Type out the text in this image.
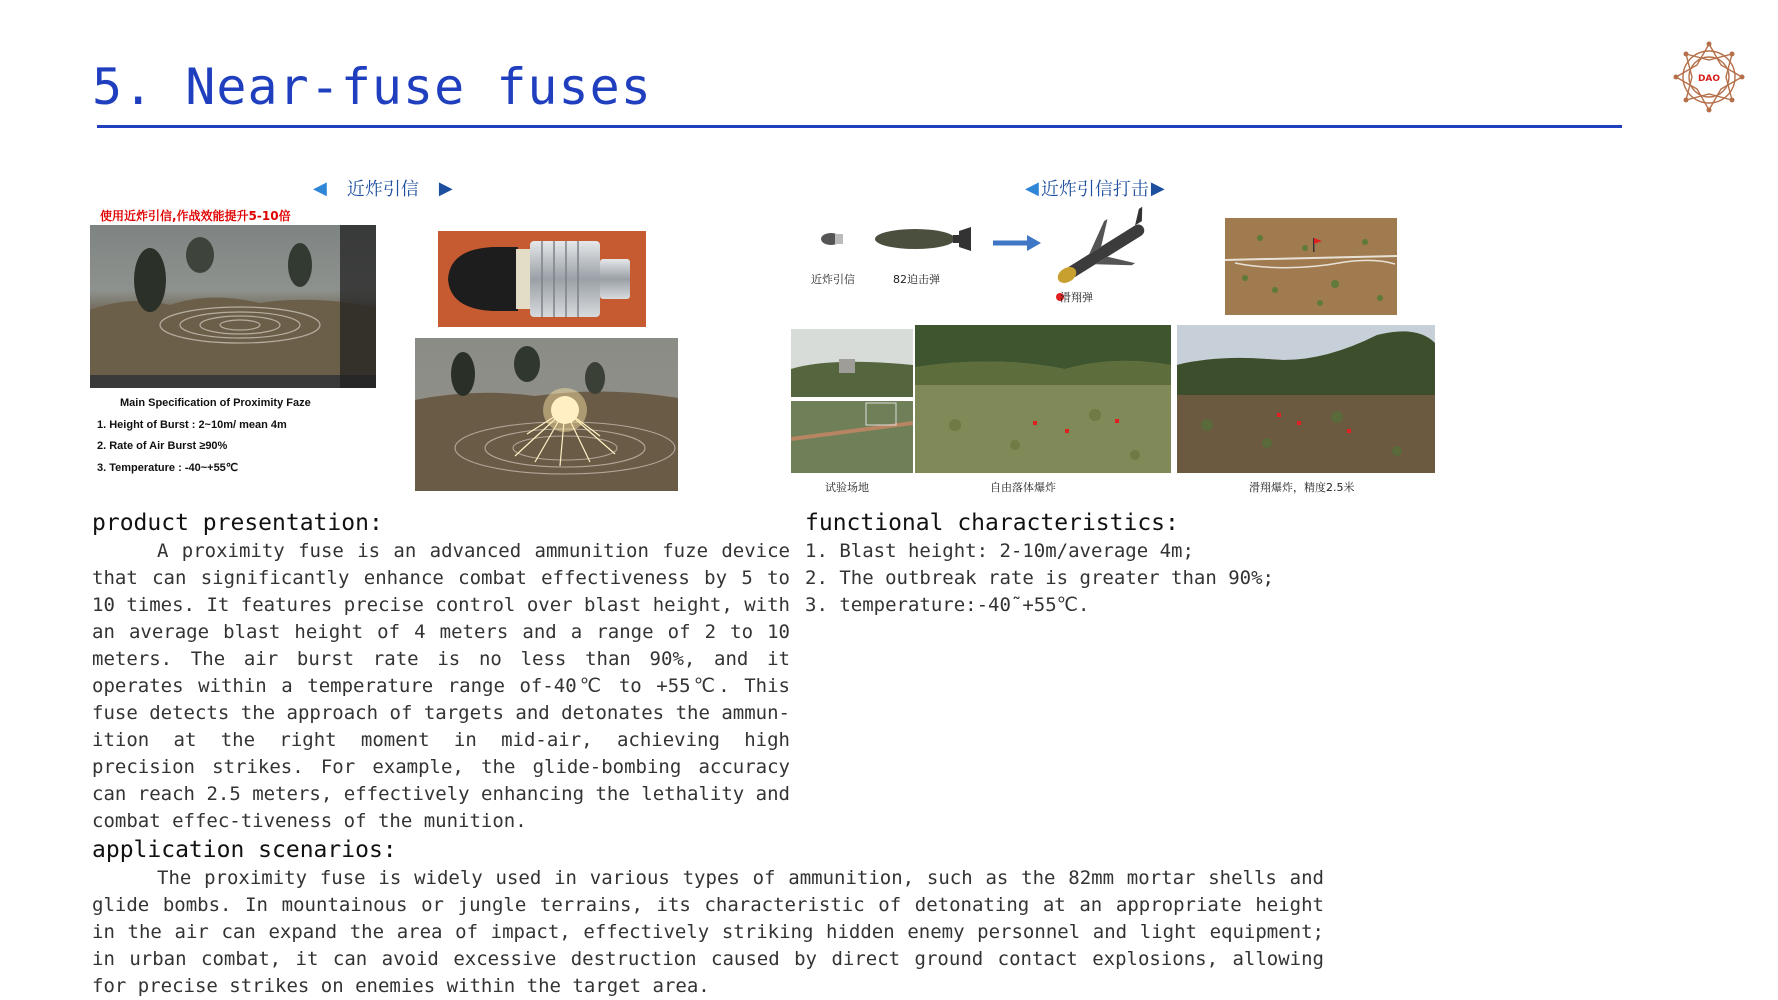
5. Near-fuse fuses	DAO
◀ 近炸引信 ▶
使用近炸引信,作战效能提升5-10倍
Main Specification of Proximity Faze
1. Height of Burst : 2~10m/ mean 4m
2. Rate of Air Burst ≥90%
3. Temperature : -40~+55℃
◀ 近炸引信打击 ▶
近炸引信	82迫击弹
滑翔弹
试验场地	自由落体爆炸	滑翔爆炸，精度2.5米
product presentation:

A proximity fuse is an advanced ammunition fuze device that can significantly enhance combat effectiveness by 5 to 10 times. It features precise control over blast height, with an average blast height of 4 meters and a range of 2 to 10 meters. The air burst rate is no less than 90%, and it operates within a temperature range of-40℃ to +55℃. This fuse detects the approach of targets and detonates the ammun-ition at the right moment in mid-air, achieving high precision strikes. For example, the glide-bombing accuracy can reach 2.5 meters, effectively enhancing the lethality and combat effec-tiveness of the munition.

functional characteristics:
1. Blast height: 2-10m/average 4m;
2. The outbreak rate is greater than 90%;
3. temperature:-40˜+55℃.
application scenarios:

The proximity fuse is widely used in various types of ammunition, such as the 82mm mortar shells and glide bombs. In mountainous or jungle terrains, its characteristic of detonating at an appropriate height in the air can expand the area of impact, effectively striking hidden enemy personnel and light equipment; in urban combat, it can avoid excessive destruction caused by direct ground contact explosions, allowing for precise strikes on enemies within the target area.
